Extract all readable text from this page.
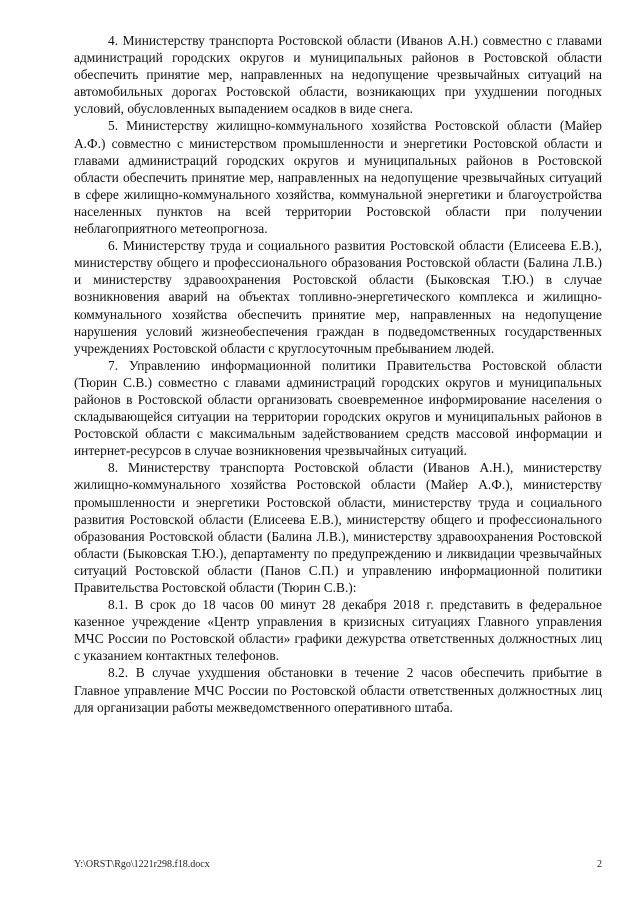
4. Министерству транспорта Ростовской области (Иванов А.Н.) совместно с главами администраций городских округов и муниципальных районов в Ростовской области обеспечить принятие мер, направленных на недопущение чрезвычайных ситуаций на автомобильных дорогах Ростовской области, возникающих при ухудшении погодных условий, обусловленных выпадением осадков в виде снега.

5. Министерству жилищно-коммунального хозяйства Ростовской области (Майер А.Ф.) совместно с министерством промышленности и энергетики Ростовской области и главами администраций городских округов и муниципальных районов в Ростовской области обеспечить принятие мер, направленных на недопущение чрезвычайных ситуаций в сфере жилищно-коммунального хозяйства, коммунальной энергетики и благоустройства населенных пунктов на всей территории Ростовской области при получении неблагоприятного метеопрогноза.

6. Министерству труда и социального развития Ростовской области (Елисеева Е.В.), министерству общего и профессионального образования Ростовской области (Балина Л.В.) и министерству здравоохранения Ростовской области (Быковская Т.Ю.) в случае возникновения аварий на объектах топливно-энергетического комплекса и жилищно-коммунального хозяйства обеспечить принятие мер, направленных на недопущение нарушения условий жизнеобеспечения граждан в подведомственных государственных учреждениях Ростовской области с круглосуточным пребыванием людей.

7. Управлению информационной политики Правительства Ростовской области (Тюрин С.В.) совместно с главами администраций городских округов и муниципальных районов в Ростовской области организовать своевременное информирование населения о складывающейся ситуации на территории городских округов и муниципальных районов в Ростовской области с максимальным задействованием средств массовой информации и интернет-ресурсов в случае возникновения чрезвычайных ситуаций.

8. Министерству транспорта Ростовской области (Иванов А.Н.), министерству жилищно-коммунального хозяйства Ростовской области (Майер А.Ф.), министерству промышленности и энергетики Ростовской области, министерству труда и социального развития Ростовской области (Елисеева Е.В.), министерству общего и профессионального образования Ростовской области (Балина Л.В.), министерству здравоохранения Ростовской области (Быковская Т.Ю.), департаменту по предупреждению и ликвидации чрезвычайных ситуаций Ростовской области (Панов С.П.) и управлению информационной политики Правительства Ростовской области (Тюрин С.В.):

8.1. В срок до 18 часов 00 минут 28 декабря 2018 г. представить в федеральное казенное учреждение «Центр управления в кризисных ситуациях Главного управления МЧС России по Ростовской области» графики дежурства ответственных должностных лиц с указанием контактных телефонов.

8.2. В случае ухудшения обстановки в течение 2 часов обеспечить прибытие в Главное управление МЧС России по Ростовской области ответственных должностных лиц для организации работы межведомственного оперативного штаба.

Y:\ORST\Rgo\1221r298.f18.docx	2
